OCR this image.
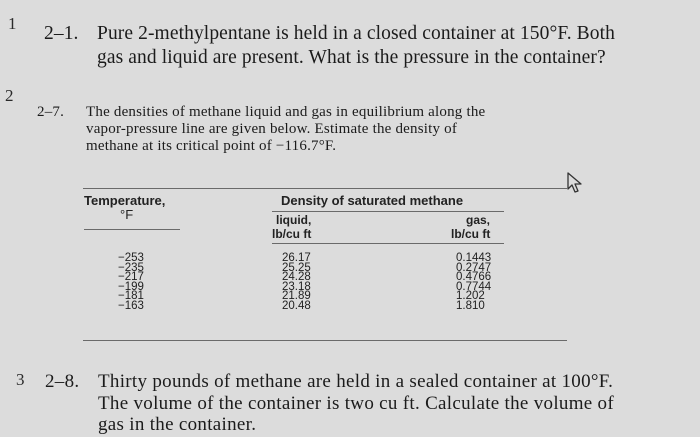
1 2–1. Pure 2-methylpentane is held in a closed container at 150°F. Both
gas and liquid are present. What is the pressure in the container?
2
2–7. The densities of methane liquid and gas in equilibrium along the
vapor-pressure line are given below. Estimate the density of
methane at its critical point of −116.7°F.
Temperature,
°F
Density of saturated methane
liquid,
lb/cu ft
gas,
lb/cu ft
−253
−235
−217
−199
−181
−163
26.17
25.25
24.28
23.18
21.89
20.48
0.1443
0.2747
0.4766
0.7744
1.202
1.810
3 2–8. Thirty pounds of methane are held in a sealed container at 100°F.
The volume of the container is two cu ft. Calculate the volume of
gas in the container.
